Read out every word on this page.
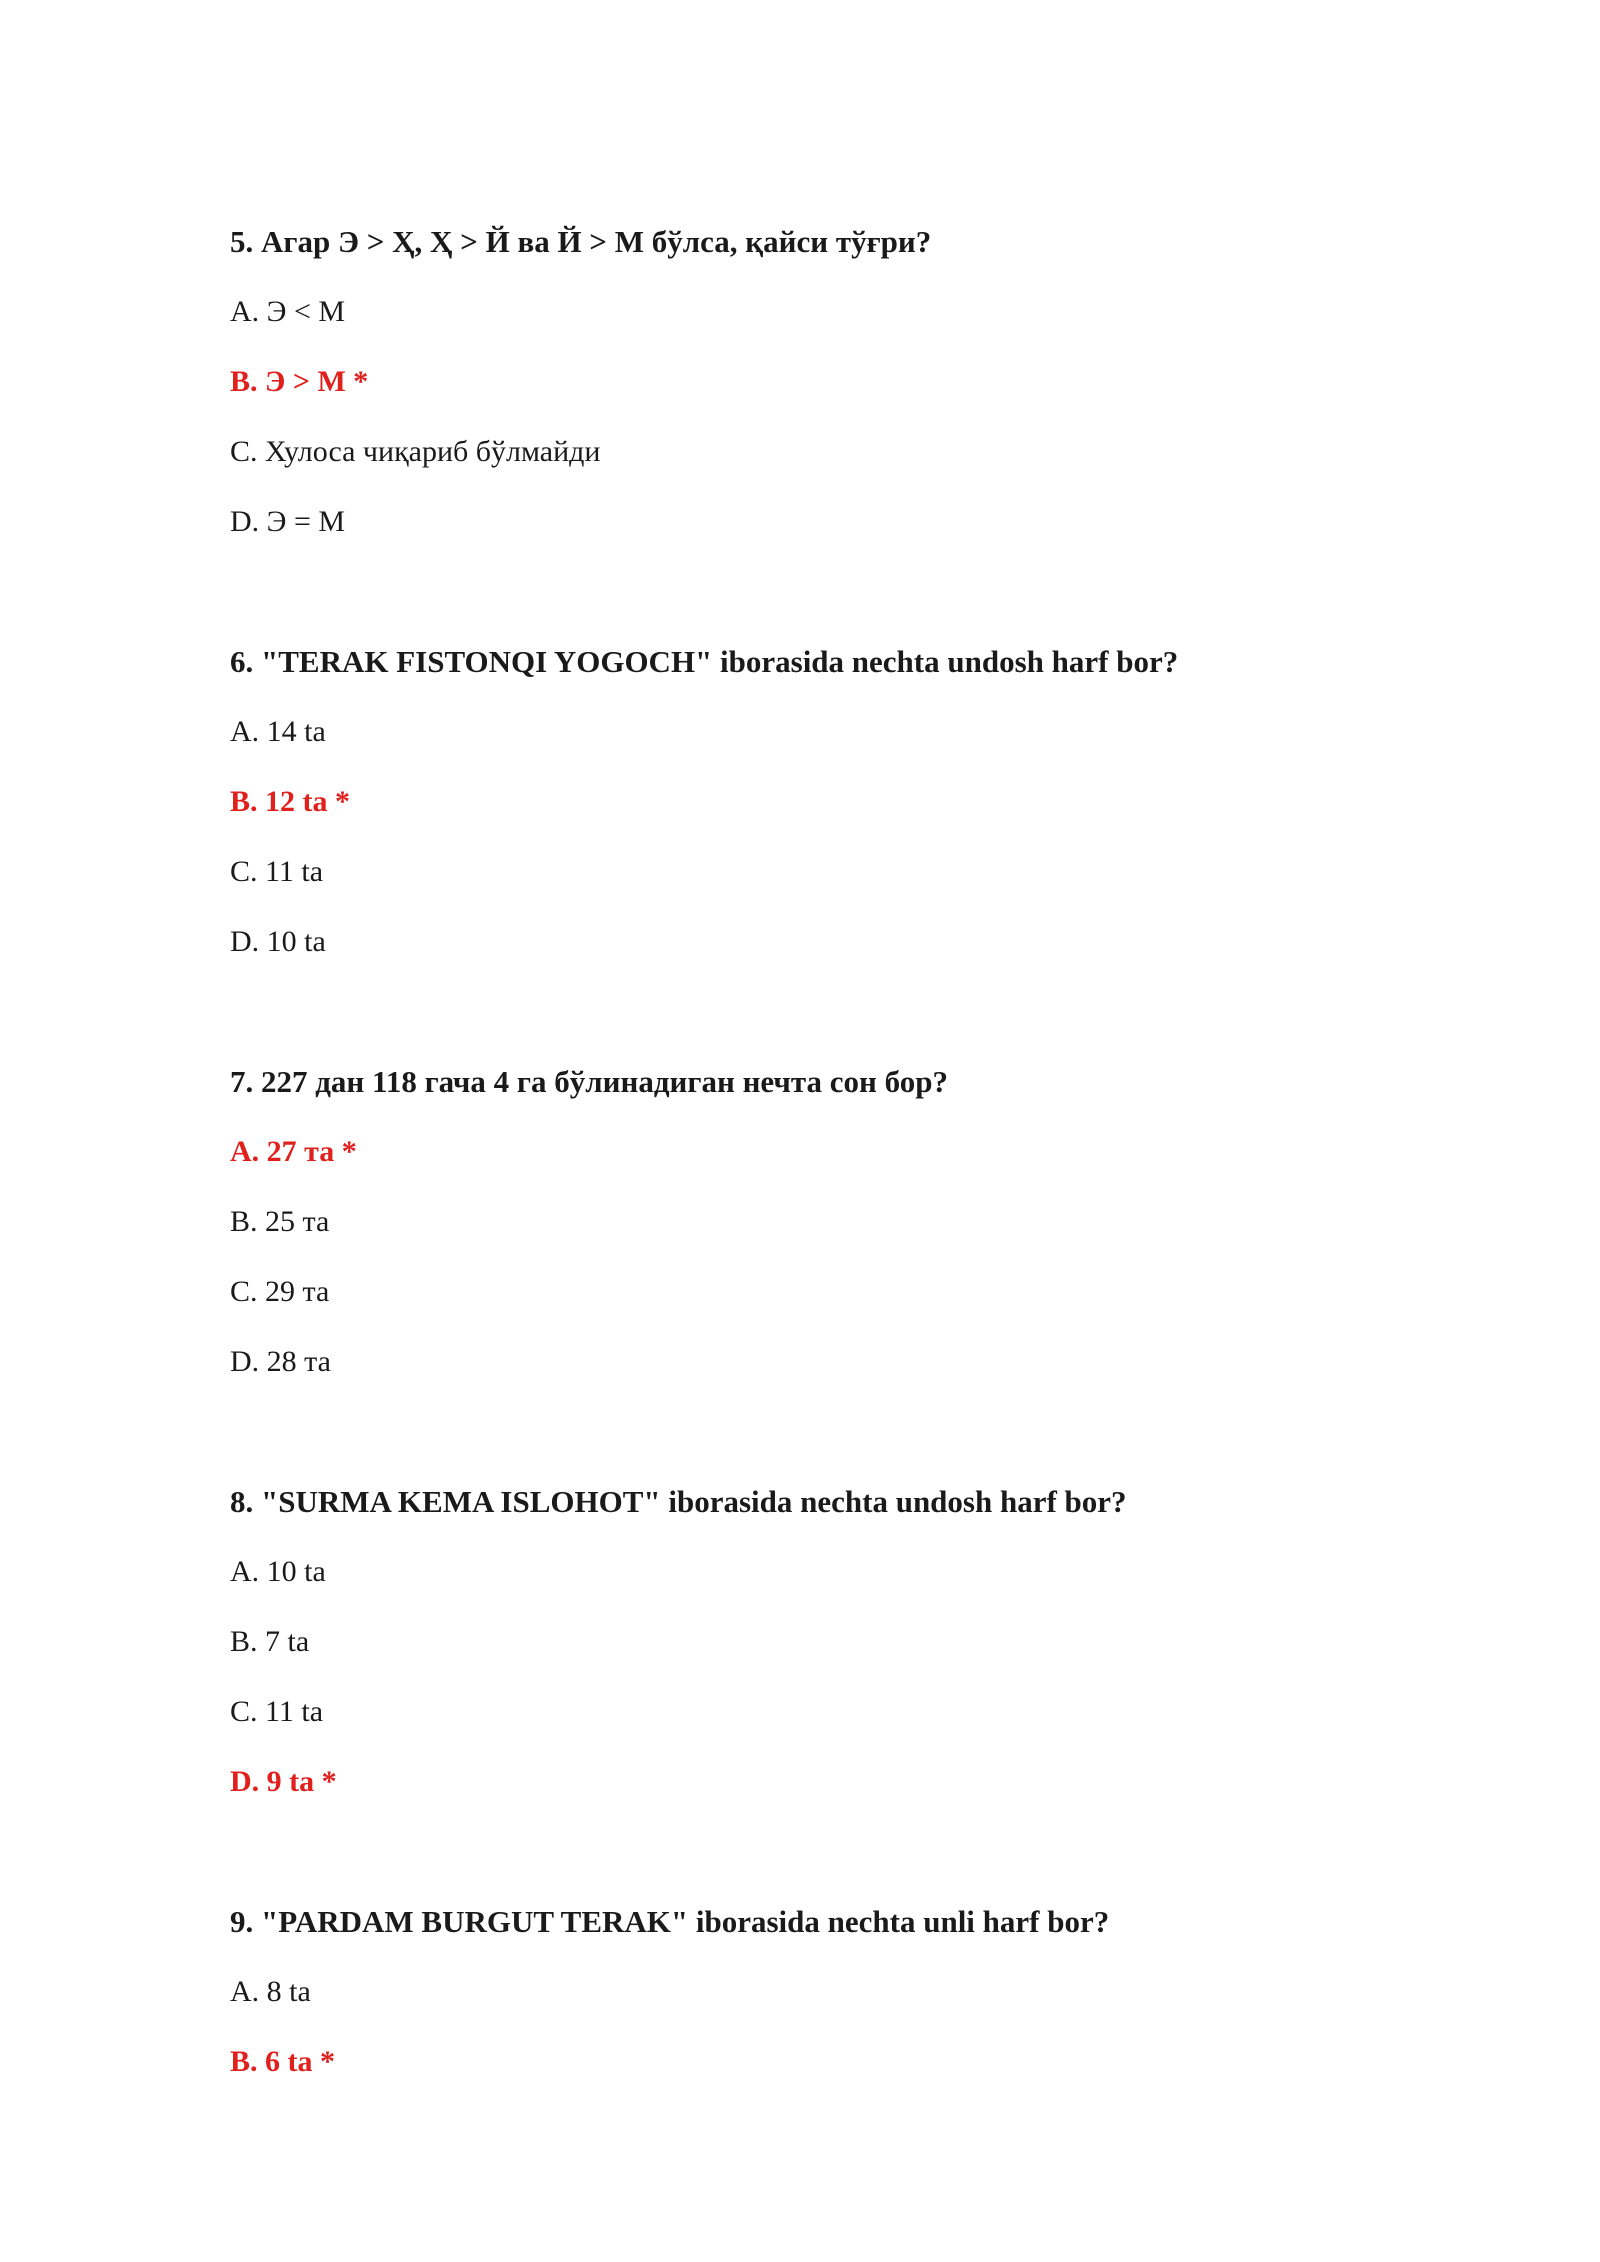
5. Агар Э > Ҳ, Ҳ > Й ва Й > М бўлса, қайси тўғри?

A. Э < М

B. Э > М *

C. Хулоса чиқариб бўлмайди

D. Э = М

6. "TERAK FISTONQI YOGOCH" iborasida nechta undosh harf bor?

A. 14 ta

B. 12 ta *

C. 11 ta

D. 10 ta

7. 227 дан 118 гача 4 га бўлинадиган нечта сон бор?

A. 27 та *

B. 25 та

C. 29 та

D. 28 та

8. "SURMA KEMA ISLOHOT" iborasida nechta undosh harf bor?

A. 10 ta

B. 7 ta

C. 11 ta

D. 9 ta *

9. "PARDAM BURGUT TERAK" iborasida nechta unli harf bor?

A. 8 ta

B. 6 ta *
